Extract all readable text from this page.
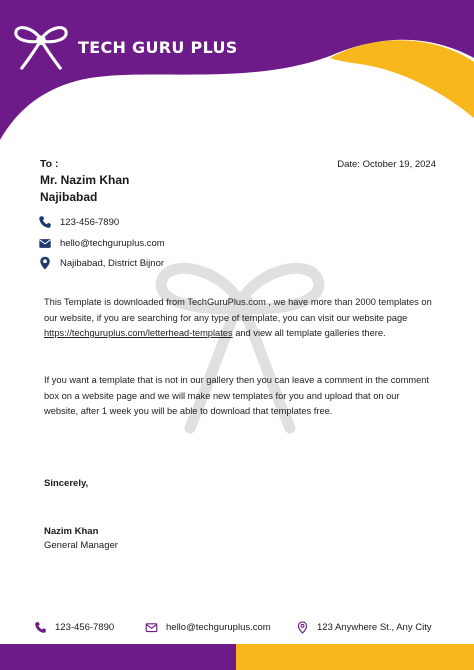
TECH GURU PLUS
To :	Date: October 19, 2024
Mr. Nazim Khan
Najibabad
123-456-7890
hello@techguruplus.com
Najibabad, District Bijnor

This Template is downloaded from TechGuruPlus.com , we have more than 2000 templates on our website, if you are searching for any type of template, you can visit our website page https://techguruplus.com/letterhead-templates and view all template galleries there.

If you want a template that is not in our gallery then you can leave a comment in the comment box on a website page and we will make new templates for you and upload that on our website, after 1 week you will be able to download that templates free.

Sincerely,
Nazim Khan
General Manager
123-456-7890	hello@techguruplus.com	123 Anywhere St., Any City
